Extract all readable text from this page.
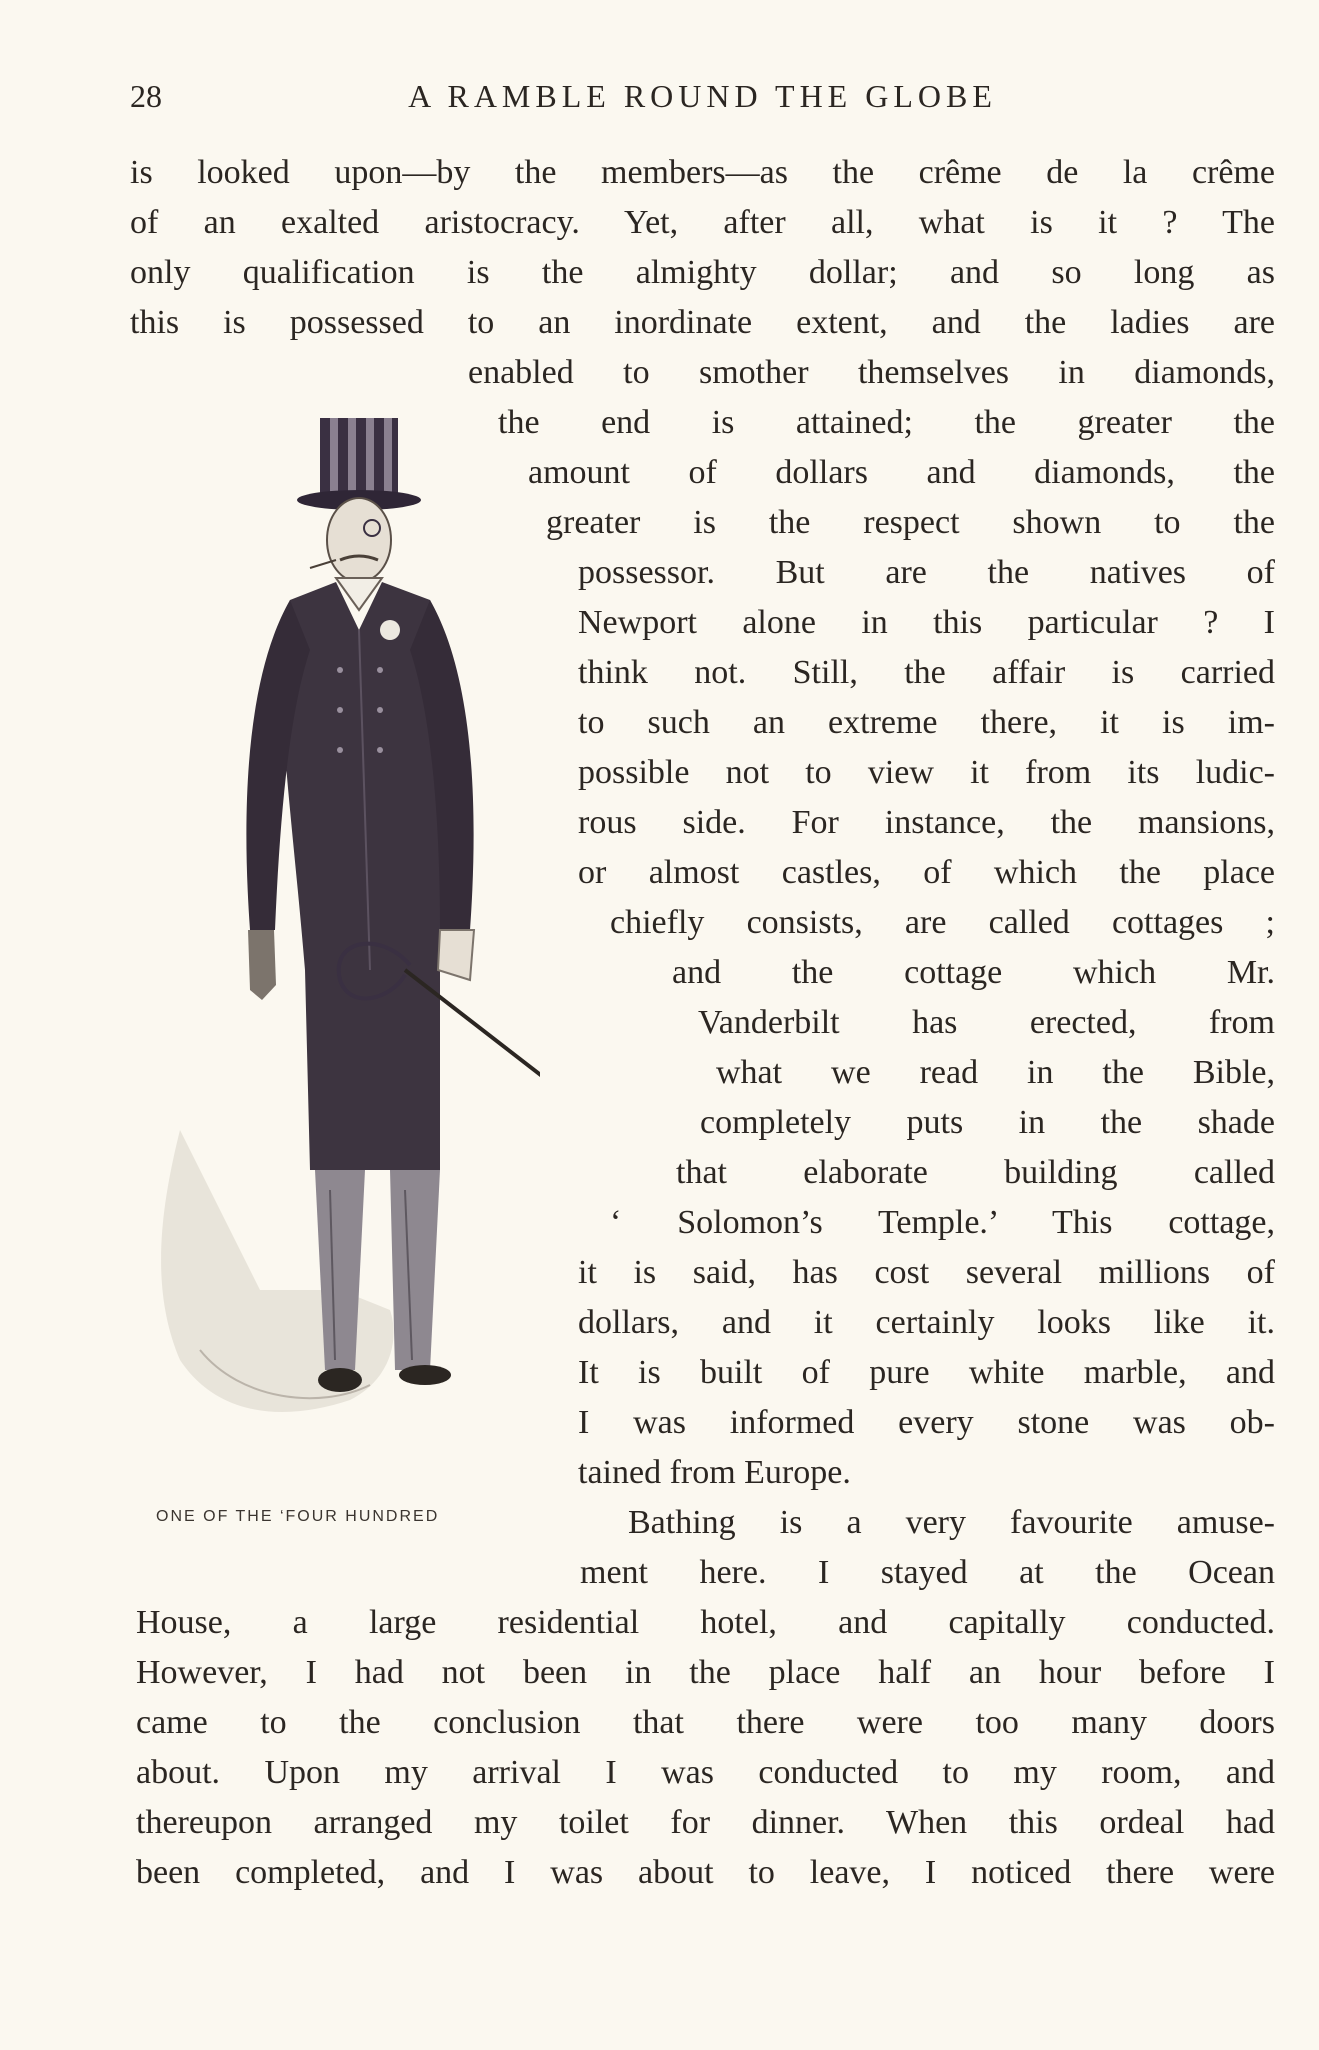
28	A RAMBLE ROUND THE GLOBE
is looked upon—by the members—as the crême de la crême
of an exalted aristocracy. Yet, after all, what is it ? The
only qualification is the almighty dollar; and so long as
this is possessed to an inordinate extent, and the ladies are
enabled to smother themselves in diamonds,
the end is attained; the greater the
amount of dollars and diamonds, the
greater is the respect shown to the
possessor. But are the natives of
Newport alone in this particular ? I
think not. Still, the affair is carried
to such an extreme there, it is im-
possible not to view it from its ludic-
rous side. For instance, the mansions,
or almost castles, of which the place
chiefly consists, are called cottages ;
and the cottage which Mr.
Vanderbilt has erected, from
what we read in the Bible,
completely puts in the shade
that elaborate building called
‘ Solomon’s Temple.’ This cottage,
it is said, has cost several millions of
dollars, and it certainly looks like it.
It is built of pure white marble, and
I was informed every stone was ob-
tained from Europe.
Bathing is a very favourite amuse-
ment here. I stayed at the Ocean
House, a large residential hotel, and capitally conducted.
However, I had not been in the place half an hour before I
came to the conclusion that there were too many doors
about. Upon my arrival I was conducted to my room, and
thereupon arranged my toilet for dinner. When this ordeal had
been completed, and I was about to leave, I noticed there were
ONE OF THE ‘FOUR HUNDRED
